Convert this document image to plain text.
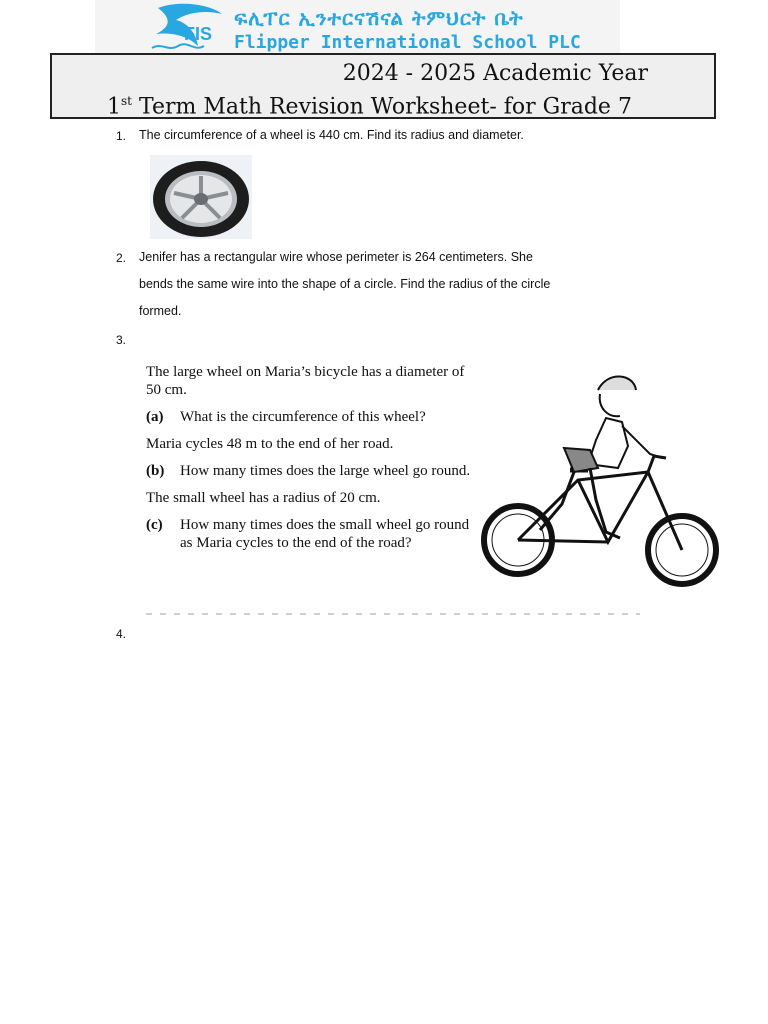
FIS
ፍሊፐር ኢንተርናሽናል ትምህርት ቤት
Flipper International School PLC
2024 - 2025 Academic Year
1st Term Math Revision Worksheet- for Grade 7
1. The circumference of a wheel is 440 cm. Find its radius and diameter.
2. Jenifer has a rectangular wire whose perimeter is 264 centimeters. She bends the same wire into the shape of a circle. Find the radius of the circle formed.
3.

The large wheel on Maria’s bicycle has a diameter of 50 cm.

(a)	What is the circumference of this wheel?

Maria cycles 48 m to the end of her road.

(b)	How many times does the large wheel go round.

The small wheel has a radius of 20 cm.

(c)	How many times does the small wheel go round as Maria cycles to the end of the road?
4.
